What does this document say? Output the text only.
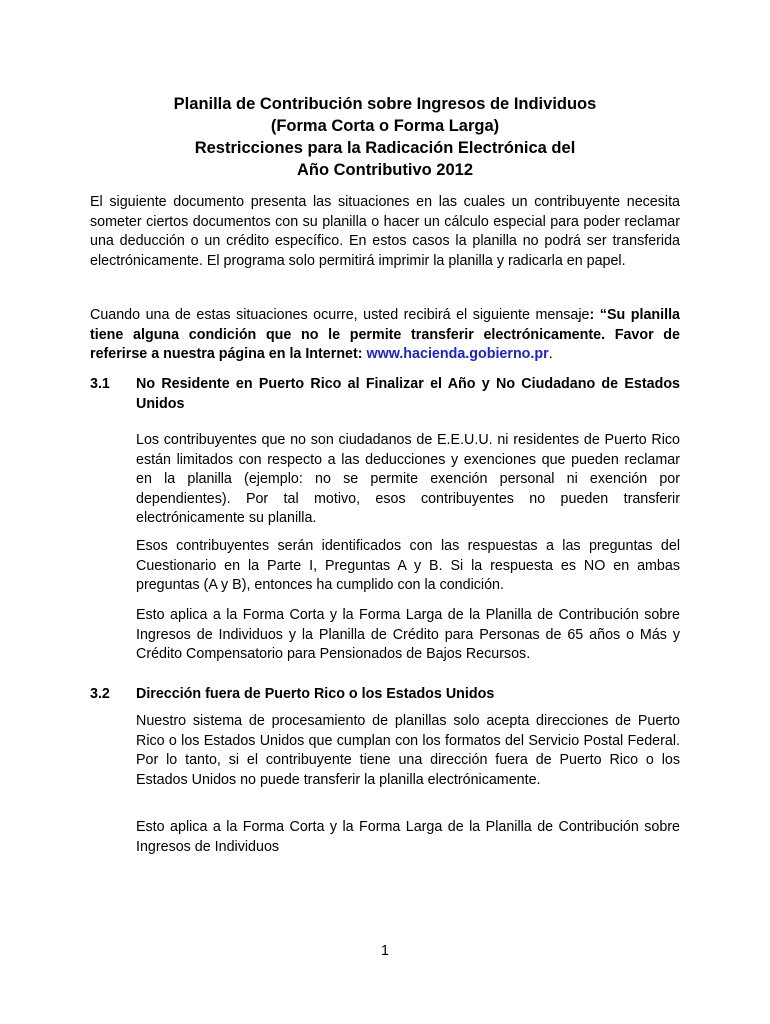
Planilla de Contribución sobre Ingresos de Individuos
(Forma Corta o Forma Larga)
Restricciones para la Radicación Electrónica del
Año Contributivo 2012

El siguiente documento presenta las situaciones en las cuales un contribuyente necesita someter ciertos documentos con su planilla o hacer un cálculo especial para poder reclamar una deducción o un crédito específico. En estos casos la planilla no podrá ser transferida electrónicamente. El programa solo permitirá imprimir la planilla y radicarla en papel.

Cuando una de estas situaciones ocurre, usted recibirá el siguiente mensaje: “Su planilla tiene alguna condición que no le permite transferir electrónicamente. Favor de referirse a nuestra página en la Internet: www.hacienda.gobierno.pr.

3.1 No Residente en Puerto Rico al Finalizar el Año y No Ciudadano de Estados Unidos

Los contribuyentes que no son ciudadanos de E.E.U.U. ni residentes de Puerto Rico están limitados con respecto a las deducciones y exenciones que pueden reclamar en la planilla (ejemplo: no se permite exención personal ni exención por dependientes). Por tal motivo, esos contribuyentes no pueden transferir electrónicamente su planilla.

Esos contribuyentes serán identificados con las respuestas a las preguntas del Cuestionario en la Parte I, Preguntas A y B. Si la respuesta es NO en ambas preguntas (A y B), entonces ha cumplido con la condición.

Esto aplica a la Forma Corta y la Forma Larga de la Planilla de Contribución sobre Ingresos de Individuos y la Planilla de Crédito para Personas de 65 años o Más y Crédito Compensatorio para Pensionados de Bajos Recursos.

3.2 Dirección fuera de Puerto Rico o los Estados Unidos

Nuestro sistema de procesamiento de planillas solo acepta direcciones de Puerto Rico o los Estados Unidos que cumplan con los formatos del Servicio Postal Federal. Por lo tanto, si el contribuyente tiene una dirección fuera de Puerto Rico o los Estados Unidos no puede transferir la planilla electrónicamente.

Esto aplica a la Forma Corta y la Forma Larga de la Planilla de Contribución sobre Ingresos de Individuos

1
